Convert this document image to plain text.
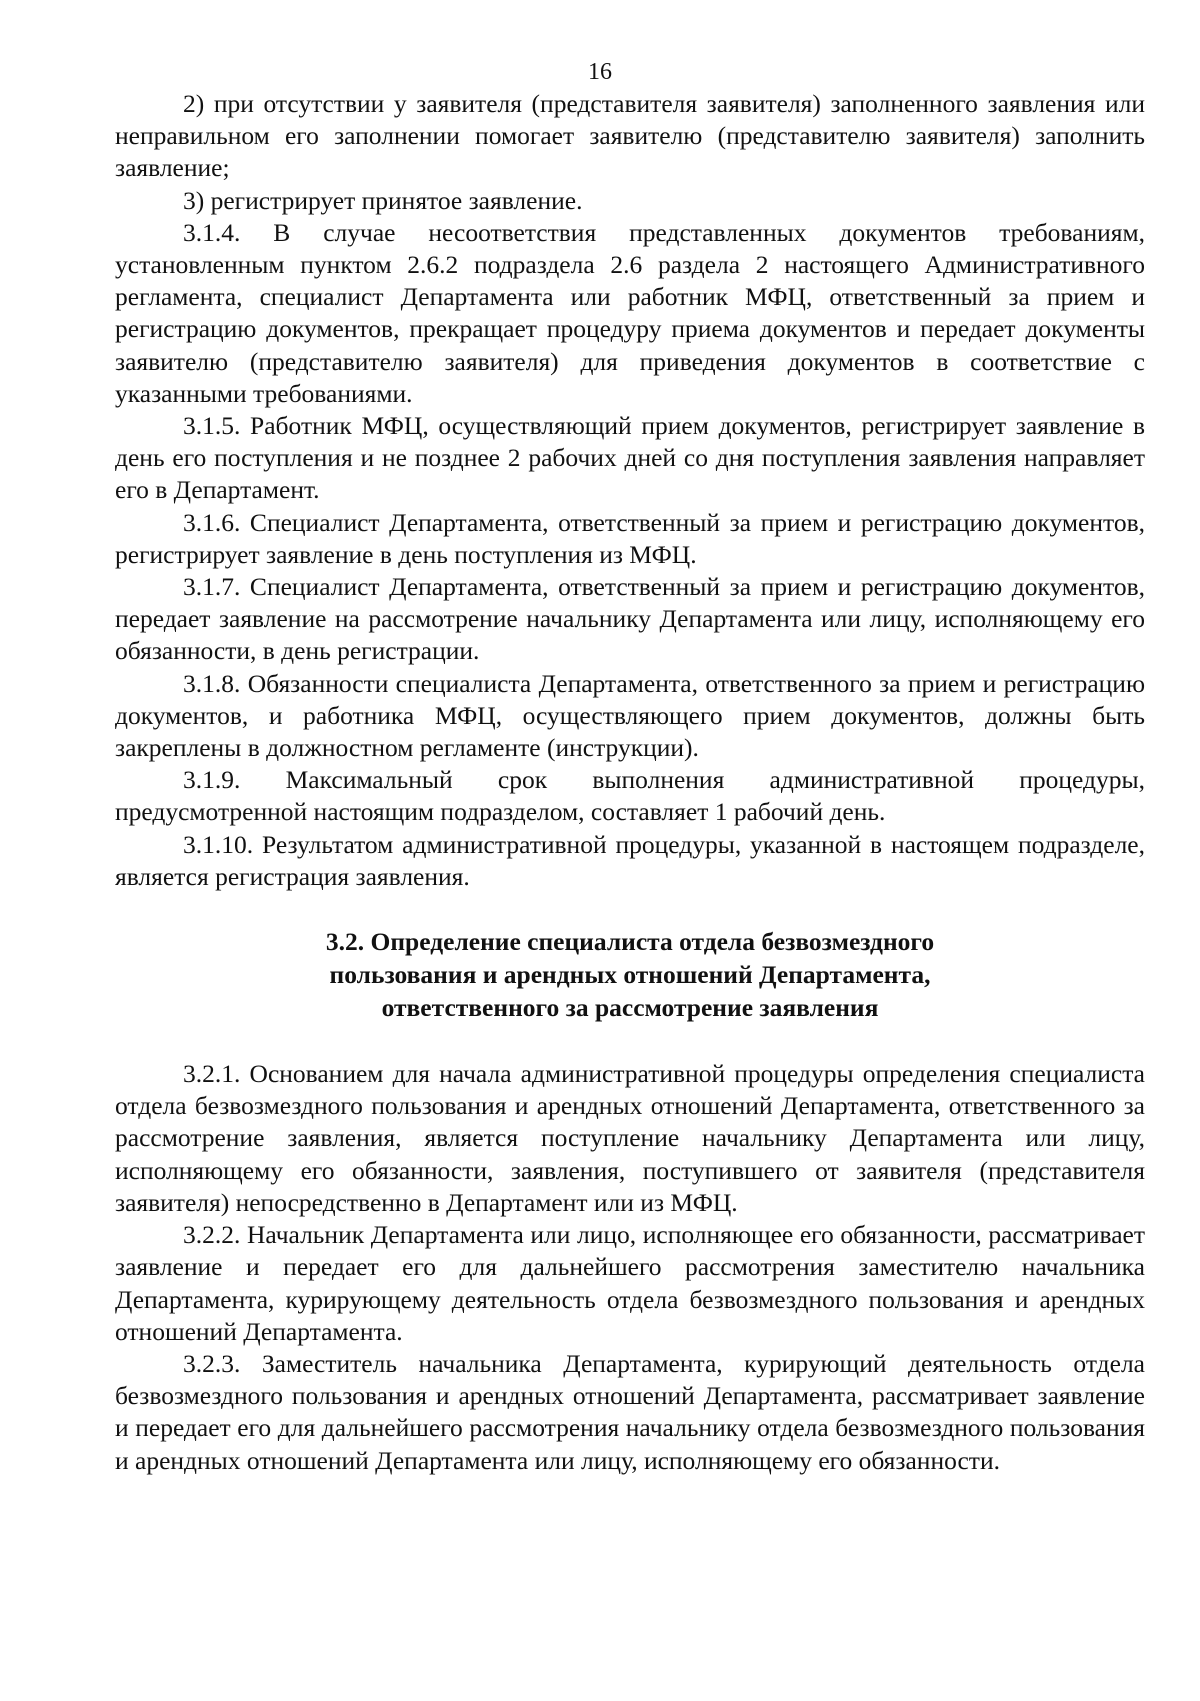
16

2) при отсутствии у заявителя (представителя заявителя) заполненного заявления или неправильном его заполнении помогает заявителю (представителю заявителя) заполнить заявление;

3) регистрирует принятое заявление.

3.1.4. В случае несоответствия представленных документов требованиям, установленным пунктом 2.6.2 подраздела 2.6 раздела 2 настоящего Административного регламента, специалист Департамента или работник МФЦ, ответственный за прием и регистрацию документов, прекращает процедуру приема документов и передает документы заявителю (представителю заявителя) для приведения документов в соответствие с указанными требованиями.

3.1.5. Работник МФЦ, осуществляющий прием документов, регистрирует заявление в день его поступления и не позднее 2 рабочих дней со дня поступления заявления направляет его в Департамент.

3.1.6. Специалист Департамента, ответственный за прием и регистрацию документов, регистрирует заявление в день поступления из МФЦ.

3.1.7. Специалист Департамента, ответственный за прием и регистрацию документов, передает заявление на рассмотрение начальнику Департамента или лицу, исполняющему его обязанности, в день регистрации.

3.1.8. Обязанности специалиста Департамента, ответственного за прием и регистрацию документов, и работника МФЦ, осуществляющего прием документов, должны быть закреплены в должностном регламенте (инструкции).

3.1.9. Максимальный срок выполнения административной процедуры, предусмотренной настоящим подразделом, составляет 1 рабочий день.

3.1.10. Результатом административной процедуры, указанной в настоящем подразделе, является регистрация заявления.

3.2. Определение специалиста отдела безвозмездного
пользования и арендных отношений Департамента,
ответственного за рассмотрение заявления

3.2.1. Основанием для начала административной процедуры определения специалиста отдела безвозмездного пользования и арендных отношений Департамента, ответственного за рассмотрение заявления, является поступление начальнику Департамента или лицу, исполняющему его обязанности, заявления, поступившего от заявителя (представителя заявителя) непосредственно в Департамент или из МФЦ.

3.2.2. Начальник Департамента или лицо, исполняющее его обязанности, рассматривает заявление и передает его для дальнейшего рассмотрения заместителю начальника Департамента, курирующему деятельность отдела безвозмездного пользования и арендных отношений Департамента.

3.2.3. Заместитель начальника Департамента, курирующий деятельность отдела безвозмездного пользования и арендных отношений Департамента, рассматривает заявление и передает его для дальнейшего рассмотрения начальнику отдела безвозмездного пользования и арендных отношений Департамента или лицу, исполняющему его обязанности.
